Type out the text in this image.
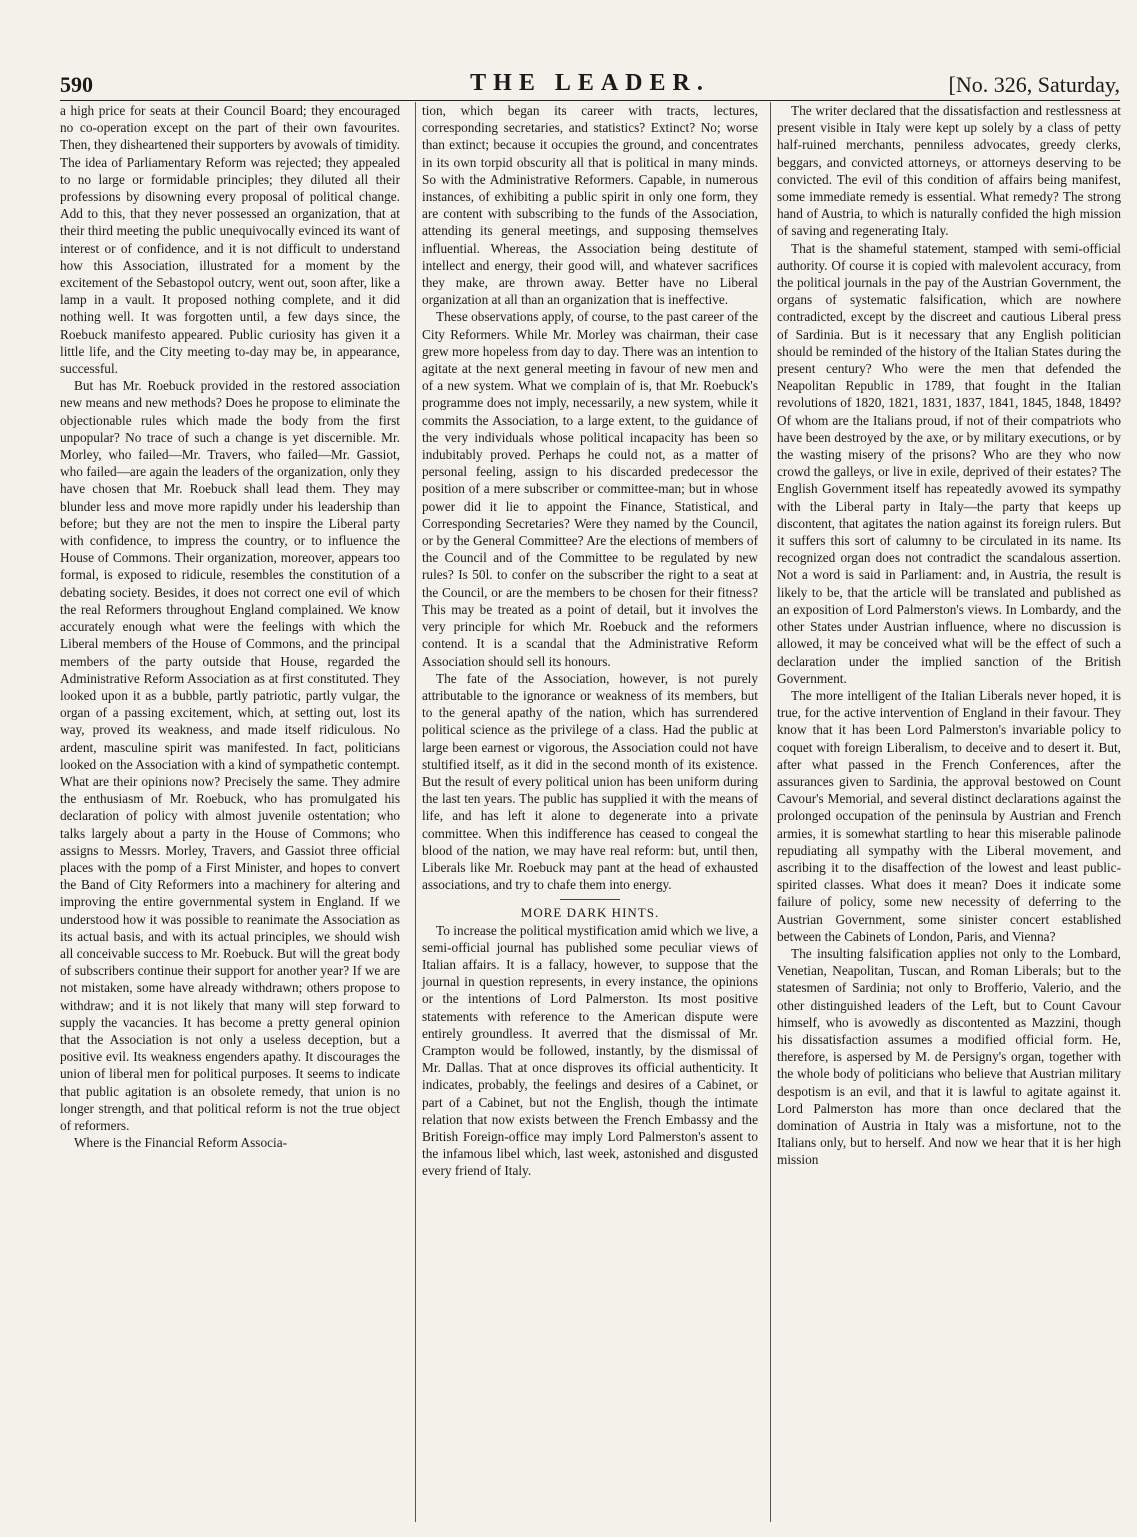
590	THE LEADER.	[No. 326, Saturday,

a high price for seats at their Council Board; they encouraged no co-operation except on the part of their own favourites. Then, they disheartened their supporters by avowals of timidity. The idea of Parliamentary Reform was rejected; they appealed to no large or formidable principles; they diluted all their professions by disowning every proposal of political change. Add to this, that they never possessed an organization, that at their third meeting the public unequivocally evinced its want of interest or of confidence, and it is not difficult to understand how this Association, illustrated for a moment by the excitement of the Sebastopol outcry, went out, soon after, like a lamp in a vault. It proposed nothing complete, and it did nothing well. It was forgotten until, a few days since, the Roebuck manifesto appeared. Public curiosity has given it a little life, and the City meeting to-day may be, in appearance, successful.

But has Mr. Roebuck provided in the restored association new means and new methods? Does he propose to eliminate the objectionable rules which made the body from the first unpopular? No trace of such a change is yet discernible. Mr. Morley, who failed—Mr. Travers, who failed—Mr. Gassiot, who failed—are again the leaders of the organization, only they have chosen that Mr. Roebuck shall lead them. They may blunder less and move more rapidly under his leadership than before; but they are not the men to inspire the Liberal party with confidence, to impress the country, or to influence the House of Commons. Their organization, moreover, appears too formal, is exposed to ridicule, resembles the constitution of a debating society. Besides, it does not correct one evil of which the real Reformers throughout England complained. We know accurately enough what were the feelings with which the Liberal members of the House of Commons, and the principal members of the party outside that House, regarded the Administrative Reform Association as at first constituted. They looked upon it as a bubble, partly patriotic, partly vulgar, the organ of a passing excitement, which, at setting out, lost its way, proved its weakness, and made itself ridiculous. No ardent, masculine spirit was manifested. In fact, politicians looked on the Association with a kind of sympathetic contempt. What are their opinions now? Precisely the same. They admire the enthusiasm of Mr. Roebuck, who has promulgated his declaration of policy with almost juvenile ostentation; who talks largely about a party in the House of Commons; who assigns to Messrs. Morley, Travers, and Gassiot three official places with the pomp of a First Minister, and hopes to convert the Band of City Reformers into a machinery for altering and improving the entire governmental system in England. If we understood how it was possible to reanimate the Association as its actual basis, and with its actual principles, we should wish all conceivable success to Mr. Roebuck. But will the great body of subscribers continue their support for another year? If we are not mistaken, some have already withdrawn; others propose to withdraw; and it is not likely that many will step forward to supply the vacancies. It has become a pretty general opinion that the Association is not only a useless deception, but a positive evil. Its weakness engenders apathy. It discourages the union of liberal men for political purposes. It seems to indicate that public agitation is an obsolete remedy, that union is no longer strength, and that political reform is not the true object of reformers.

Where is the Financial Reform Associa-

tion, which began its career with tracts, lectures, corresponding secretaries, and statistics? Extinct? No; worse than extinct; because it occupies the ground, and concentrates in its own torpid obscurity all that is political in many minds. So with the Administrative Reformers. Capable, in numerous instances, of exhibiting a public spirit in only one form, they are content with subscribing to the funds of the Association, attending its general meetings, and supposing themselves influential. Whereas, the Association being destitute of intellect and energy, their good will, and whatever sacrifices they make, are thrown away. Better have no Liberal organization at all than an organization that is ineffective.

These observations apply, of course, to the past career of the City Reformers. While Mr. Morley was chairman, their case grew more hopeless from day to day. There was an intention to agitate at the next general meeting in favour of new men and of a new system. What we complain of is, that Mr. Roebuck's programme does not imply, necessarily, a new system, while it commits the Association, to a large extent, to the guidance of the very individuals whose political incapacity has been so indubitably proved. Perhaps he could not, as a matter of personal feeling, assign to his discarded predecessor the position of a mere subscriber or committee-man; but in whose power did it lie to appoint the Finance, Statistical, and Corresponding Secretaries? Were they named by the Council, or by the General Committee? Are the elections of members of the Council and of the Committee to be regulated by new rules? Is 50l. to confer on the subscriber the right to a seat at the Council, or are the members to be chosen for their fitness? This may be treated as a point of detail, but it involves the very principle for which Mr. Roebuck and the reformers contend. It is a scandal that the Administrative Reform Association should sell its honours.

The fate of the Association, however, is not purely attributable to the ignorance or weakness of its members, but to the general apathy of the nation, which has surrendered political science as the privilege of a class. Had the public at large been earnest or vigorous, the Association could not have stultified itself, as it did in the second month of its existence. But the result of every political union has been uniform during the last ten years. The public has supplied it with the means of life, and has left it alone to degenerate into a private committee. When this indifference has ceased to congeal the blood of the nation, we may have real reform: but, until then, Liberals like Mr. Roebuck may pant at the head of exhausted associations, and try to chafe them into energy.

MORE DARK HINTS.

To increase the political mystification amid which we live, a semi-official journal has published some peculiar views of Italian affairs. It is a fallacy, however, to suppose that the journal in question represents, in every instance, the opinions or the intentions of Lord Palmerston. Its most positive statements with reference to the American dispute were entirely groundless. It averred that the dismissal of Mr. Crampton would be followed, instantly, by the dismissal of Mr. Dallas. That at once disproves its official authenticity. It indicates, probably, the feelings and desires of a Cabinet, or part of a Cabinet, but not the English, though the intimate relation that now exists between the French Embassy and the British Foreign-office may imply Lord Palmerston's assent to the infamous libel which, last week, astonished and disgusted every friend of Italy.

The writer declared that the dissatisfaction and restlessness at present visible in Italy were kept up solely by a class of petty half-ruined merchants, penniless advocates, greedy clerks, beggars, and convicted attorneys, or attorneys deserving to be convicted. The evil of this condition of affairs being manifest, some immediate remedy is essential. What remedy? The strong hand of Austria, to which is naturally confided the high mission of saving and regenerating Italy.

That is the shameful statement, stamped with semi-official authority. Of course it is copied with malevolent accuracy, from the political journals in the pay of the Austrian Government, the organs of systematic falsification, which are nowhere contradicted, except by the discreet and cautious Liberal press of Sardinia. But is it necessary that any English politician should be reminded of the history of the Italian States during the present century? Who were the men that defended the Neapolitan Republic in 1789, that fought in the Italian revolutions of 1820, 1821, 1831, 1837, 1841, 1845, 1848, 1849? Of whom are the Italians proud, if not of their compatriots who have been destroyed by the axe, or by military executions, or by the wasting misery of the prisons? Who are they who now crowd the galleys, or live in exile, deprived of their estates? The English Government itself has repeatedly avowed its sympathy with the Liberal party in Italy—the party that keeps up discontent, that agitates the nation against its foreign rulers. But it suffers this sort of calumny to be circulated in its name. Its recognized organ does not contradict the scandalous assertion. Not a word is said in Parliament: and, in Austria, the result is likely to be, that the article will be translated and published as an exposition of Lord Palmerston's views. In Lombardy, and the other States under Austrian influence, where no discussion is allowed, it may be conceived what will be the effect of such a declaration under the implied sanction of the British Government.

The more intelligent of the Italian Liberals never hoped, it is true, for the active intervention of England in their favour. They know that it has been Lord Palmerston's invariable policy to coquet with foreign Liberalism, to deceive and to desert it. But, after what passed in the French Conferences, after the assurances given to Sardinia, the approval bestowed on Count Cavour's Memorial, and several distinct declarations against the prolonged occupation of the peninsula by Austrian and French armies, it is somewhat startling to hear this miserable palinode repudiating all sympathy with the Liberal movement, and ascribing it to the disaffection of the lowest and least public-spirited classes. What does it mean? Does it indicate some failure of policy, some new necessity of deferring to the Austrian Government, some sinister concert established between the Cabinets of London, Paris, and Vienna?

The insulting falsification applies not only to the Lombard, Venetian, Neapolitan, Tuscan, and Roman Liberals; but to the statesmen of Sardinia; not only to Brofferio, Valerio, and the other distinguished leaders of the Left, but to Count Cavour himself, who is avowedly as discontented as Mazzini, though his dissatisfaction assumes a modified official form. He, therefore, is aspersed by M. de Persigny's organ, together with the whole body of politicians who believe that Austrian military despotism is an evil, and that it is lawful to agitate against it. Lord Palmerston has more than once declared that the domination of Austria in Italy was a misfortune, not to the Italians only, but to herself. And now we hear that it is her high mission
